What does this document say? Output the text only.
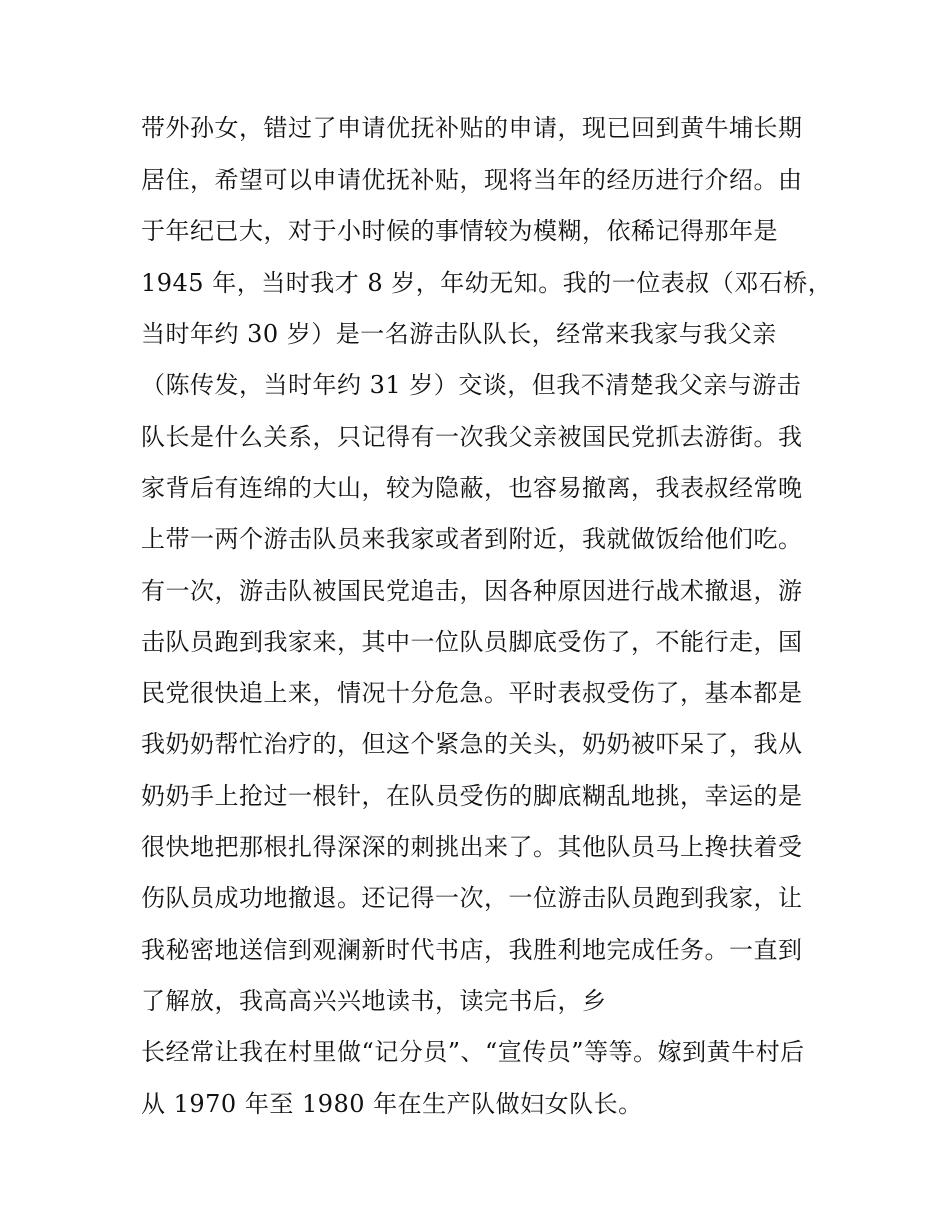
带外孙女，错过了申请优抚补贴的申请，现已回到黄牛埔长期
居住，希望可以申请优抚补贴，现将当年的经历进行介绍。由
于年纪已大，对于小时候的事情较为模糊，依稀记得那年是
1945 年，当时我才 8 岁，年幼无知。我的一位表叔（邓石桥，
当时年约 30 岁）是一名游击队队长，经常来我家与我父亲
（陈传发，当时年约 31 岁）交谈，但我不清楚我父亲与游击
队长是什么关系，只记得有一次我父亲被国民党抓去游街。我
家背后有连绵的大山，较为隐蔽，也容易撤离，我表叔经常晚
上带一两个游击队员来我家或者到附近，我就做饭给他们吃。
有一次，游击队被国民党追击，因各种原因进行战术撤退，游
击队员跑到我家来，其中一位队员脚底受伤了，不能行走，国
民党很快追上来，情况十分危急。平时表叔受伤了，基本都是
我奶奶帮忙治疗的，但这个紧急的关头，奶奶被吓呆了，我从
奶奶手上抢过一根针，在队员受伤的脚底糊乱地挑，幸运的是
很快地把那根扎得深深的刺挑出来了。其他队员马上搀扶着受
伤队员成功地撤退。还记得一次，一位游击队员跑到我家，让
我秘密地送信到观澜新时代书店，我胜利地完成任务。一直到
了解放，我高高兴兴地读书，读完书后，乡
长经常让我在村里做“记分员”、“宣传员”等等。嫁到黄牛村后
从 1970 年至 1980 年在生产队做妇女队长。
